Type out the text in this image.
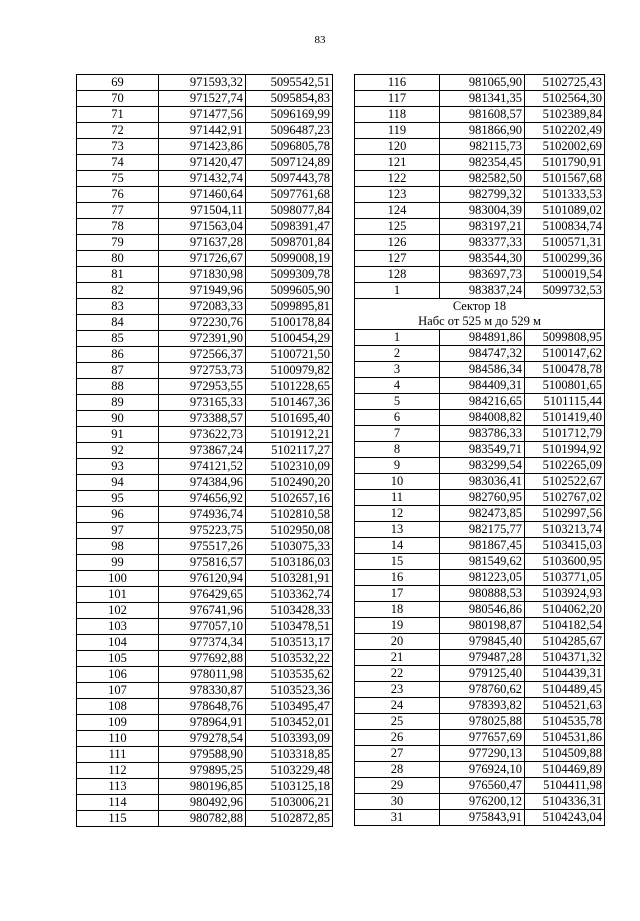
83
69	971593,32	5095542,51
70	971527,74	5095854,83
71	971477,56	5096169,99
72	971442,91	5096487,23
73	971423,86	5096805,78
74	971420,47	5097124,89
75	971432,74	5097443,78
76	971460,64	5097761,68
77	971504,11	5098077,84
78	971563,04	5098391,47
79	971637,28	5098701,84
80	971726,67	5099008,19
81	971830,98	5099309,78
82	971949,96	5099605,90
83	972083,33	5099895,81
84	972230,76	5100178,84
85	972391,90	5100454,29
86	972566,37	5100721,50
87	972753,73	5100979,82
88	972953,55	5101228,65
89	973165,33	5101467,36
90	973388,57	5101695,40
91	973622,73	5101912,21
92	973867,24	5102117,27
93	974121,52	5102310,09
94	974384,96	5102490,20
95	974656,92	5102657,16
96	974936,74	5102810,58
97	975223,75	5102950,08
98	975517,26	5103075,33
99	975816,57	5103186,03
100	976120,94	5103281,91
101	976429,65	5103362,74
102	976741,96	5103428,33
103	977057,10	5103478,51
104	977374,34	5103513,17
105	977692,88	5103532,22
106	978011,98	5103535,62
107	978330,87	5103523,36
108	978648,76	5103495,47
109	978964,91	5103452,01
110	979278,54	5103393,09
111	979588,90	5103318,85
112	979895,25	5103229,48
113	980196,85	5103125,18
114	980492,96	5103006,21
115	980782,88	5102872,85
116	981065,90	5102725,43
117	981341,35	5102564,30
118	981608,57	5102389,84
119	981866,90	5102202,49
120	982115,73	5102002,69
121	982354,45	5101790,91
122	982582,50	5101567,68
123	982799,32	5101333,53
124	983004,39	5101089,02
125	983197,21	5100834,74
126	983377,33	5100571,31
127	983544,30	5100299,36
128	983697,73	5100019,54
1	983837,24	5099732,53
Сектор 18		
Набс от 525 м до 529 м		
1	984891,86	5099808,95
2	984747,32	5100147,62
3	984586,34	5100478,78
4	984409,31	5100801,65
5	984216,65	5101115,44
6	984008,82	5101419,40
7	983786,33	5101712,79
8	983549,71	5101994,92
9	983299,54	5102265,09
10	983036,41	5102522,67
11	982760,95	5102767,02
12	982473,85	5102997,56
13	982175,77	5103213,74
14	981867,45	5103415,03
15	981549,62	5103600,95
16	981223,05	5103771,05
17	980888,53	5103924,93
18	980546,86	5104062,20
19	980198,87	5104182,54
20	979845,40	5104285,67
21	979487,28	5104371,32
22	979125,40	5104439,31
23	978760,62	5104489,45
24	978393,82	5104521,63
25	978025,88	5104535,78
26	977657,69	5104531,86
27	977290,13	5104509,88
28	976924,10	5104469,89
29	976560,47	5104411,98
30	976200,12	5104336,31
31	975843,91	5104243,04
